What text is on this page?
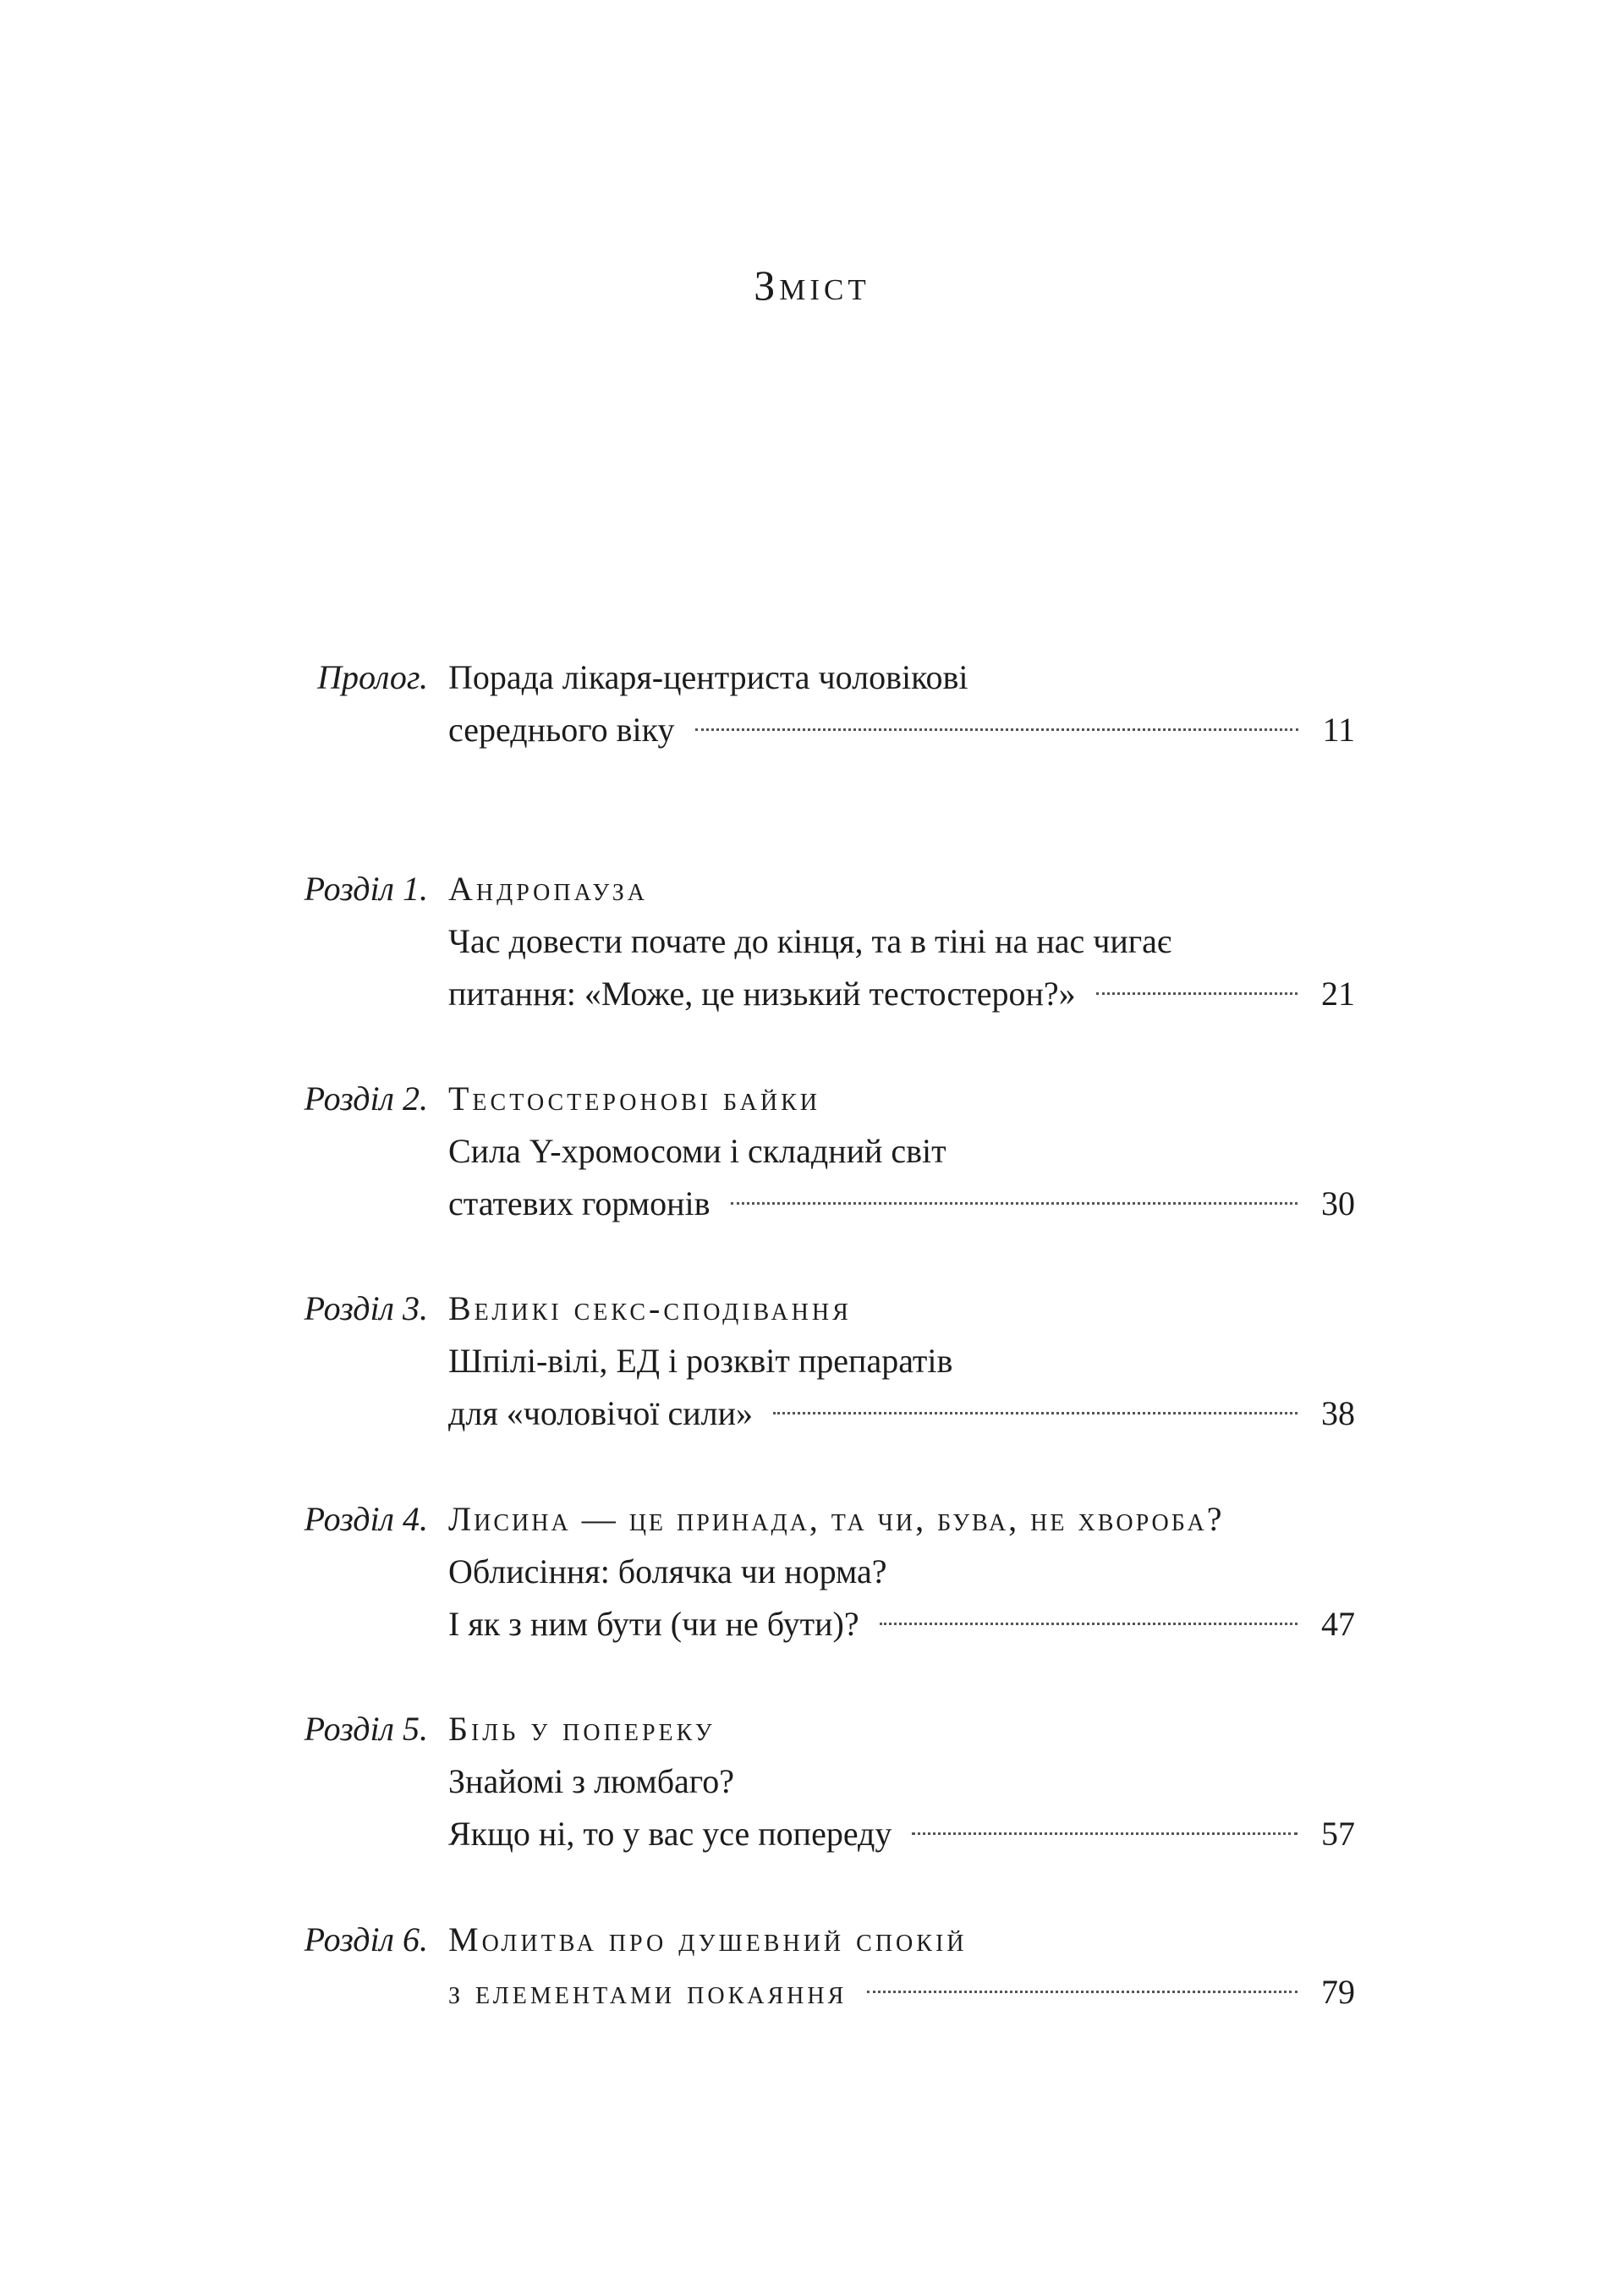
Зміст
Пролог. Порада лікаря-центриста чоловікові
середнього віку	11
Розділ 1. Андропауза
Час довести почате до кінця, та в тіні на нас чигає
питання: «Може, це низький тестостерон?»	21
Розділ 2. Тестостеронові байки
Сила Y-хромосоми і складний світ
статевих гормонів	30
Розділ 3. Великі секс-сподівання
Шпілі-вілі, ЕД і розквіт препаратів
для «чоловічої сили»	38
Розділ 4. Лисина — це принада, та чи, бува, не хвороба?
Облисіння: болячка чи норма?
І як з ним бути (чи не бути)?	47
Розділ 5. Біль у попереку
Знайомі з люмбаго?
Якщо ні, то у вас усе попереду	57
Розділ 6. Молитва про душевний спокій
з елементами покаяння	79
